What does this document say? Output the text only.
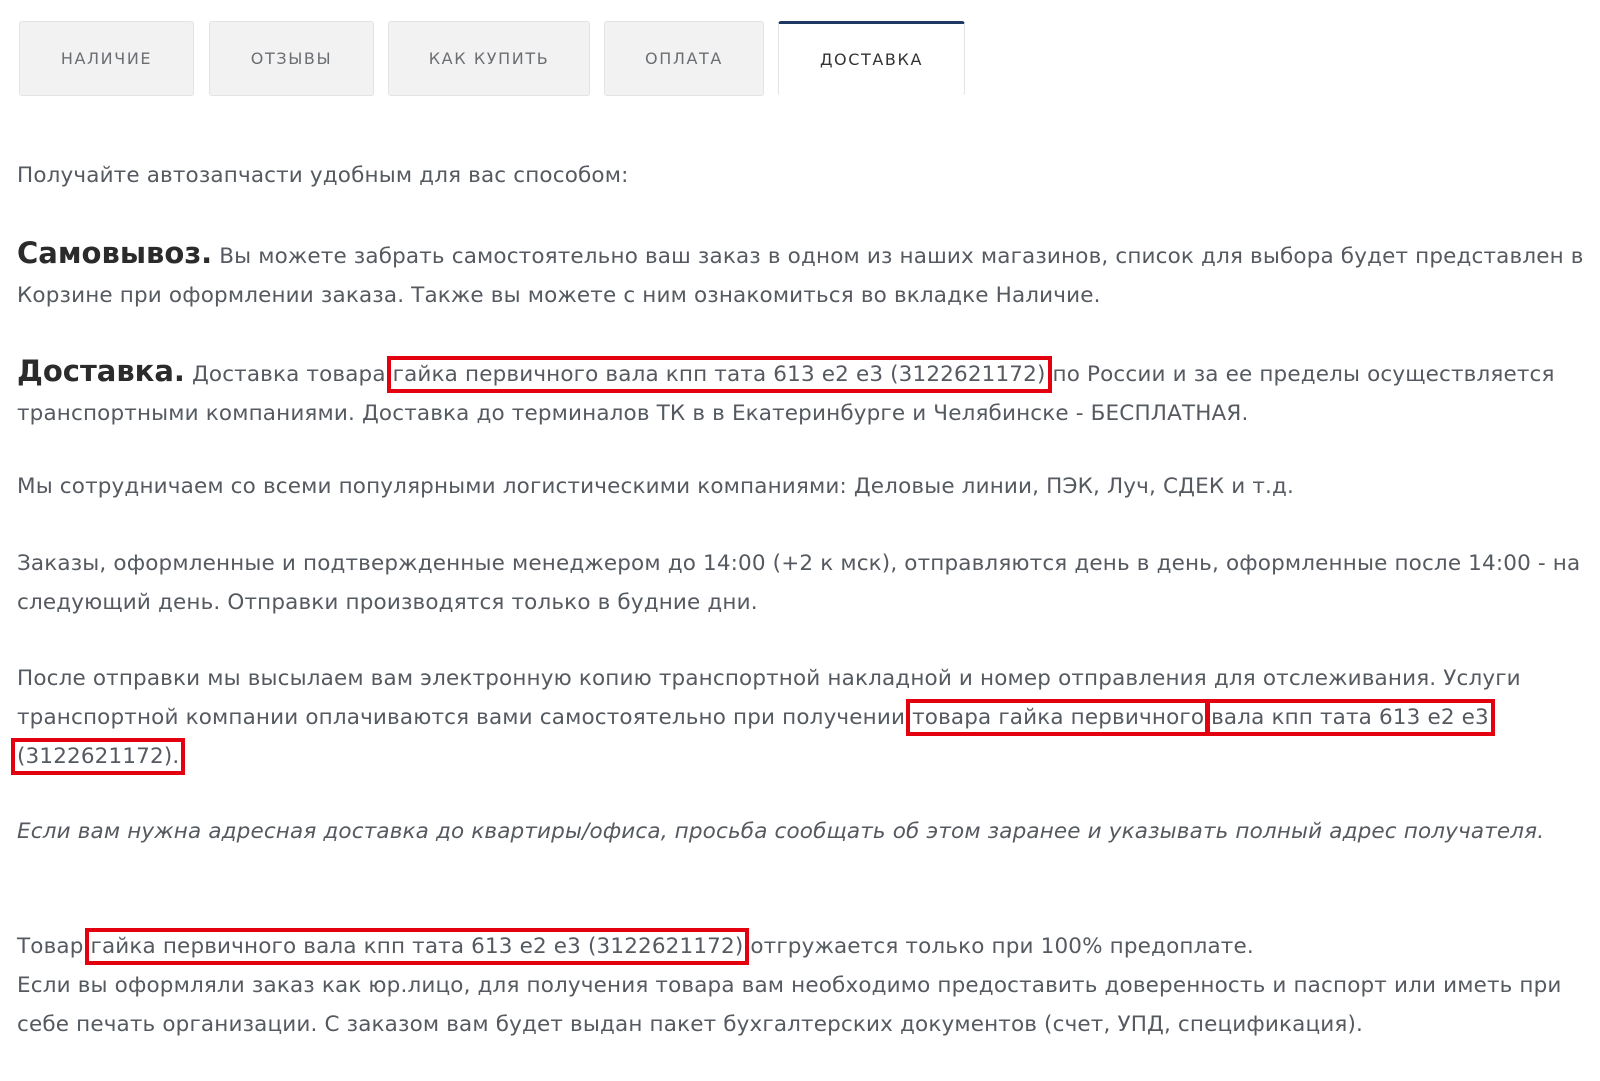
НАЛИЧИЕ	ОТЗЫВЫ	КАК КУПИТЬ	ОПЛАТА	ДОСТАВКА

Получайте автозапчасти удобным для вас способом:

Самовывоз. Вы можете забрать самостоятельно ваш заказ в одном из наших магазинов, список для выбора будет представлен в Корзине при оформлении заказа. Также вы можете с ним ознакомиться во вкладке Наличие.

Доставка. Доставка товара гайка первичного вала кпп тата 613 е2 е3 (3122621172) по России и за ее пределы осуществляется транспортными компаниями. Доставка до терминалов ТК в в Екатеринбурге и Челябинске - БЕСПЛАТНАЯ.

Мы сотрудничаем со всеми популярными логистическими компаниями: Деловые линии, ПЭК, Луч, СДЕК и т.д.

Заказы, оформленные и подтвержденные менеджером до 14:00 (+2 к мск), отправляются день в день, оформленные после 14:00 - на следующий день. Отправки производятся только в будние дни.

После отправки мы высылаем вам электронную копию транспортной накладной и номер отправления для отслеживания. Услуги транспортной компании оплачиваются вами самостоятельно при получении товара гайка первичного вала кпп тата 613 е2 е3 (3122621172).

Если вам нужна адресная доставка до квартиры/офиса, просьба сообщать об этом заранее и указывать полный адрес получателя.

Товар гайка первичного вала кпп тата 613 е2 е3 (3122621172) отгружается только при 100% предоплате.

Если вы оформляли заказ как юр.лицо, для получения товара вам необходимо предоставить доверенность и паспорт или иметь при себе печать организации. С заказом вам будет выдан пакет бухгалтерских документов (счет, УПД, спецификация).
